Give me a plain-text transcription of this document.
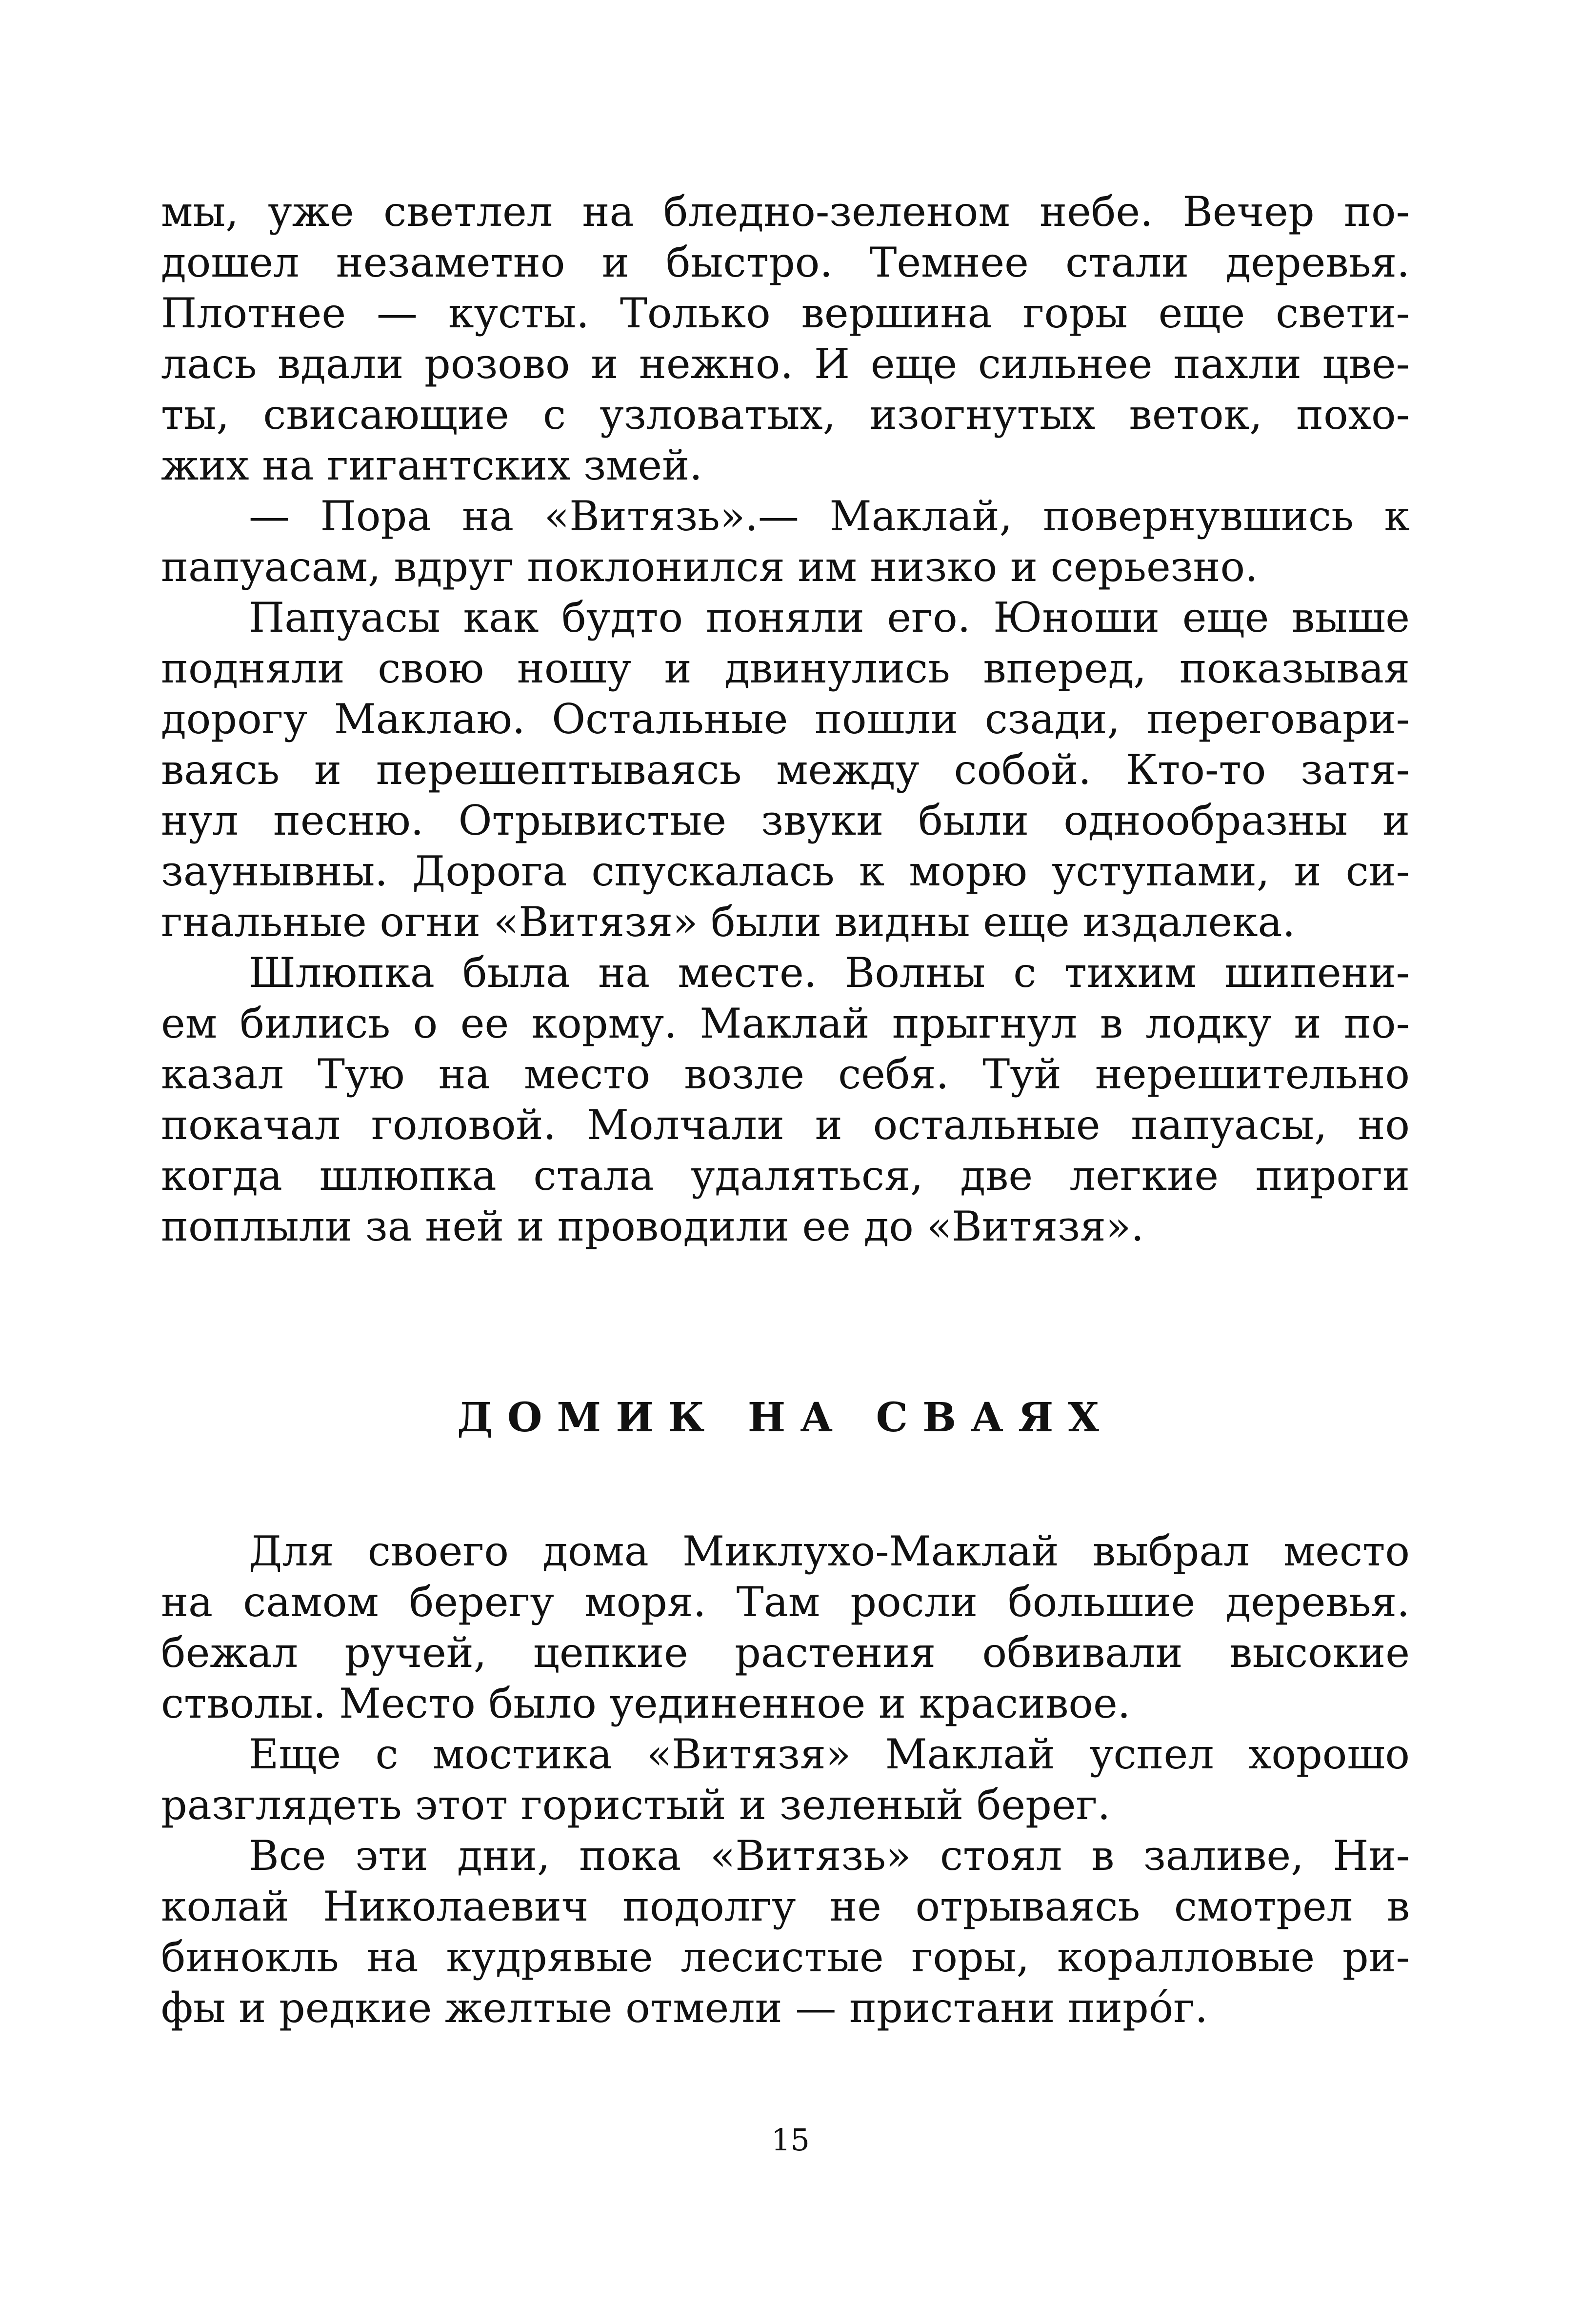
мы, уже светлел на бледно-зеленом небе. Вечер по-
дошел незаметно и быстро. Темнее стали деревья.
Плотнее — кусты. Только вершина горы еще свети-
лась вдали розово и нежно. И еще сильнее пахли цве-
ты, свисающие с узловатых, изогнутых веток, похо-
жих на гигантских змей.
— Пора на «Витязь».— Маклай, повернувшись к
папуасам, вдруг поклонился им низко и серьезно.
Папуасы как будто поняли его. Юноши еще выше
подняли свою ношу и двинулись вперед, показывая
дорогу Маклаю. Остальные пошли сзади, переговари-
ваясь и перешептываясь между собой. Кто-то затя-
нул песню. Отрывистые звуки были однообразны и
заунывны. Дорога спускалась к морю уступами, и си-
гнальные огни «Витязя» были видны еще издалека.
Шлюпка была на месте. Волны с тихим шипени-
ем бились о ее корму. Маклай прыгнул в лодку и по-
казал Тую на место возле себя. Туй нерешительно
покачал головой. Молчали и остальные папуасы, но
когда шлюпка стала удаляться, две легкие пироги
поплыли за ней и проводили ее до «Витязя».
ДОМИК НА СВАЯХ
Для своего дома Миклухо-Маклай выбрал место
на самом берегу моря. Там росли большие деревья.
бежал ручей, цепкие растения обвивали высокие
стволы. Место было уединенное и красивое.
Еще с мостика «Витязя» Маклай успел хорошо
разглядеть этот гористый и зеленый берег.
Все эти дни, пока «Витязь» стоял в заливе, Ни-
колай Николаевич подолгу не отрываясь смотрел в
бинокль на кудрявые лесистые горы, коралловые ри-
фы и редкие желтые отмели — пристани пирóг.
15
